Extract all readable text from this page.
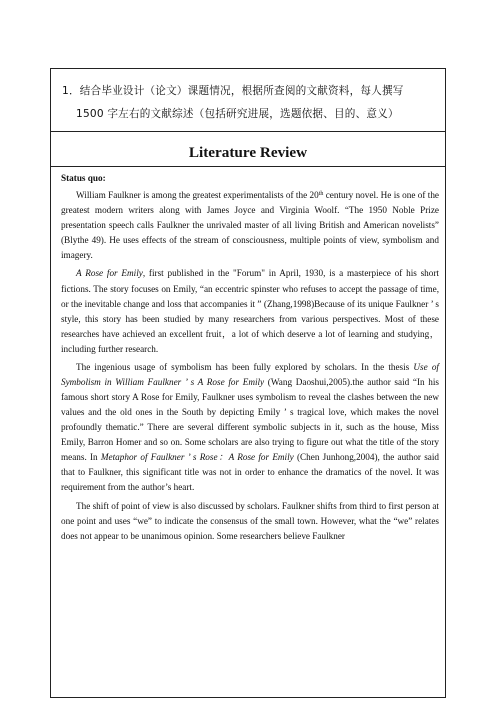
1．结合毕业设计（论文）课题情况，根据所查阅的文献资料，每人撰写
1500 字左右的文献综述（包括研究进展，选题依据、目的、意义）
Literature Review

Status quo:

William Faulkner is among the greatest experimentalists of the 20th century novel. He is one of the greatest modern writers along with James Joyce and Virginia Woolf. “The 1950 Noble Prize presentation speech calls Faulkner the unrivaled master of all living British and American novelists” (Blythe 49). He uses effects of the stream of consciousness, multiple points of view, symbolism and imagery.

A Rose for Emily, first published in the "Forum" in April, 1930, is a masterpiece of his short fictions. The story focuses on Emily, “an eccentric spinster who refuses to accept the passage of time, or the inevitable change and loss that accompanies it ” (Zhang,1998)Because of its unique Faulkner ’ s style, this story has been studied by many researchers from various perspectives. Most of these researches have achieved an excellent fruit，a lot of which deserve a lot of learning and studying，including further research.

The ingenious usage of symbolism has been fully explored by scholars. In the thesis Use of Symbolism in William Faulkner ’ s A Rose for Emily (Wang Daoshui,2005).the author said “In his famous short story A Rose for Emily, Faulkner uses symbolism to reveal the clashes between the new values and the old ones in the South by depicting Emily ’ s tragical love, which makes the novel profoundly thematic.” There are several different symbolic subjects in it, such as the house, Miss Emily, Barron Homer and so on. Some scholars are also trying to figure out what the title of the story means. In Metaphor of Faulkner ’ s Rose：A Rose for Emily (Chen Junhong,2004), the author said that to Faulkner, this significant title was not in order to enhance the dramatics of the novel. It was requirement from the author’s heart.

The shift of point of view is also discussed by scholars. Faulkner shifts from third to first person at one point and uses “we” to indicate the consensus of the small town. However, what the “we” relates does not appear to be unanimous opinion. Some researchers believe Faulkner
